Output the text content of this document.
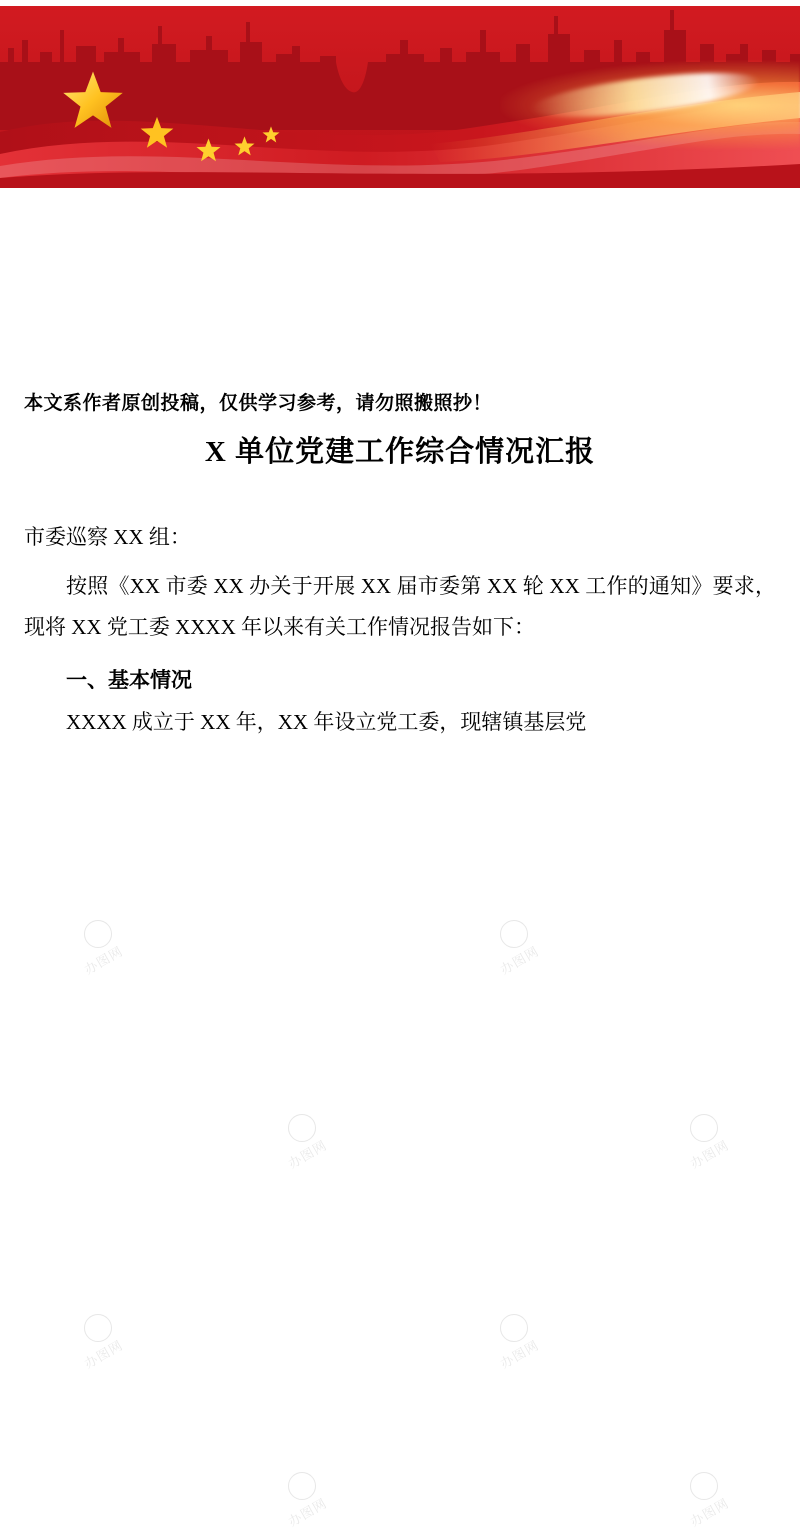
本文系作者原创投稿，仅供学习参考，请勿照搬照抄！
X 单位党建工作综合情况汇报
市委巡察 XX 组：
按照《XX 市委 XX 办关于开展 XX 届市委第 XX 轮 XX 工作的通知》要求，现将 XX 党工委 XXXX 年以来有关工作情况报告如下：
一、基本情况
XXXX 成立于 XX 年，XX 年设立党工委，现辖镇基层党
办图网	办图网
办图网	办图网
办图网	办图网
办图网	办图网
